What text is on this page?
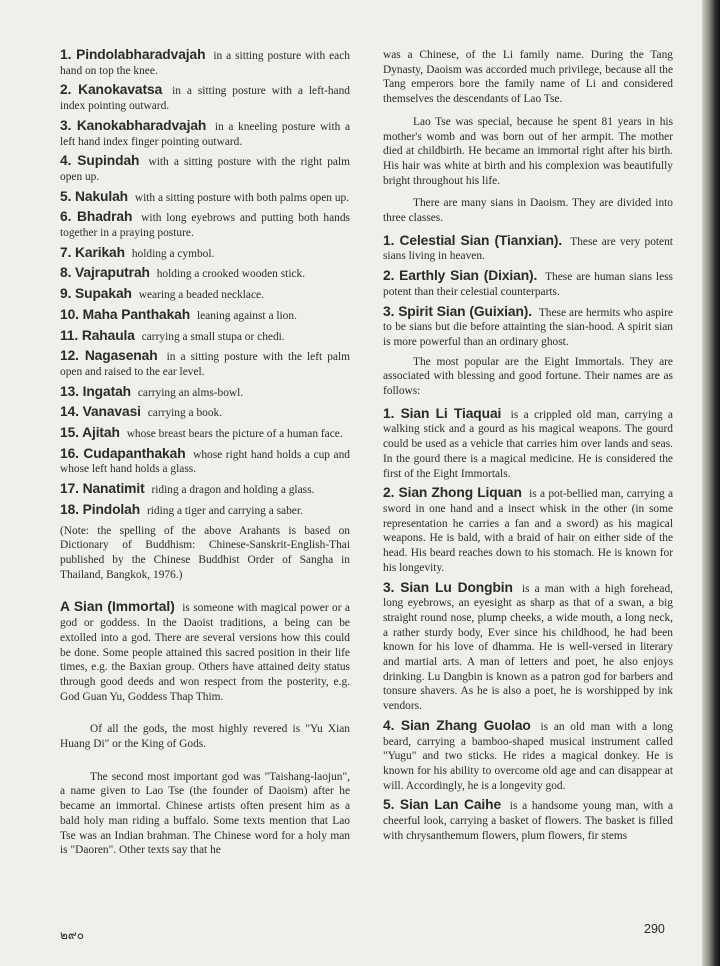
1. Pindolabharadvajah in a sitting posture with each hand on top the knee.

2. Kanokavatsa in a sitting posture with a left-hand index pointing outward.

3. Kanokabharadvajah in a kneeling posture with a left hand index finger pointing outward.

4. Supindah with a sitting posture with the right palm open up.

5. Nakulah with a sitting posture with both palms open up.

6. Bhadrah with long eyebrows and putting both hands together in a praying posture.

7. Karikah holding a cymbol.

8. Vajraputrah holding a crooked wooden stick.

9. Supakah wearing a beaded necklace.

10. Maha Panthakah leaning against a lion.

11. Rahaula carrying a small stupa or chedi.

12. Nagasenah in a sitting posture with the left palm open and raised to the ear level.

13. Ingatah carrying an alms-bowl.

14. Vanavasi carrying a book.

15. Ajitah whose breast bears the picture of a human face.

16. Cudapanthakah whose right hand holds a cup and whose left hand holds a glass.

17. Nanatimit riding a dragon and holding a glass.

18. Pindolah riding a tiger and carrying a saber.

(Note: the spelling of the above Arahants is based on Dictionary of Buddhism: Chinese-Sanskrit-English-Thai published by the Chinese Buddhist Order of Sangha in Thailand, Bangkok, 1976.)

A Sian (Immortal) is someone with magical power or a god or goddess. In the Daoist traditions, a being can be extolled into a god. There are several versions how this could be done. Some people attained this sacred position in their life times, e.g. the Baxian group. Others have attained deity status through good deeds and won respect from the posterity, e.g. God Guan Yu, Goddess Thap Thim.

Of all the gods, the most highly revered is "Yu Xian Huang Di" or the King of Gods.

The second most important god was "Taishang-laojun", a name given to Lao Tse (the founder of Daoism) after he became an immortal. Chinese artists often present him as a bald holy man riding a buffalo. Some texts mention that Lao Tse was an Indian brahman. The Chinese word for a holy man is "Daoren". Other texts say that he

was a Chinese, of the Li family name. During the Tang Dynasty, Daoism was accorded much privilege, because all the Tang emperors bore the family name of Li and considered themselves the descendants of Lao Tse.

Lao Tse was special, because he spent 81 years in his mother's womb and was born out of her armpit. The mother died at childbirth. He became an immortal right after his birth. His hair was white at birth and his complexion was beautifully bright throughout his life.

There are many sians in Daoism. They are divided into three classes.

1. Celestial Sian (Tianxian). These are very potent sians living in heaven.

2. Earthly Sian (Dixian). These are human sians less potent than their celestial counterparts.

3. Spirit Sian (Guixian). These are hermits who aspire to be sians but die before attainting the sian-hood. A spirit sian is more powerful than an ordinary ghost.

The most popular are the Eight Immortals. They are associated with blessing and good fortune. Their names are as follows:

1. Sian Li Tiaquai is a crippled old man, carrying a walking stick and a gourd as his magical weapons. The gourd could be used as a vehicle that carries him over lands and seas. In the gourd there is a magical medicine. He is considered the first of the Eight Immortals.

2. Sian Zhong Liquan is a pot-bellied man, carrying a sword in one hand and a insect whisk in the other (in some representation he carries a fan and a sword) as his magical weapons. He is bald, with a braid of hair on either side of the head. His beard reaches down to his stomach. He is known for his longevity.

3. Sian Lu Dongbin is a man with a high forehead, long eyebrows, an eyesight as sharp as that of a swan, a big straight round nose, plump cheeks, a wide mouth, a long neck, a rather sturdy body, Ever since his childhood, he had been known for his love of dhamma. He is well-versed in literary and martial arts. A man of letters and poet, he also enjoys drinking. Lu Dangbin is known as a patron god for barbers and tonsure shavers. As he is also a poet, he is worshipped by ink vendors.

4. Sian Zhang Guolao is an old man with a long beard, carrying a bamboo-shaped musical instrument called "Yugu" and two sticks. He rides a magical donkey. He is known for his ability to overcome old age and can disappear at will. Accordingly, he is a longevity god.

5. Sian Lan Caihe is a handsome young man, with a cheerful look, carrying a basket of flowers. The basket is filled with chrysanthemum flowers, plum flowers, fir stems

๒๙๐	290
